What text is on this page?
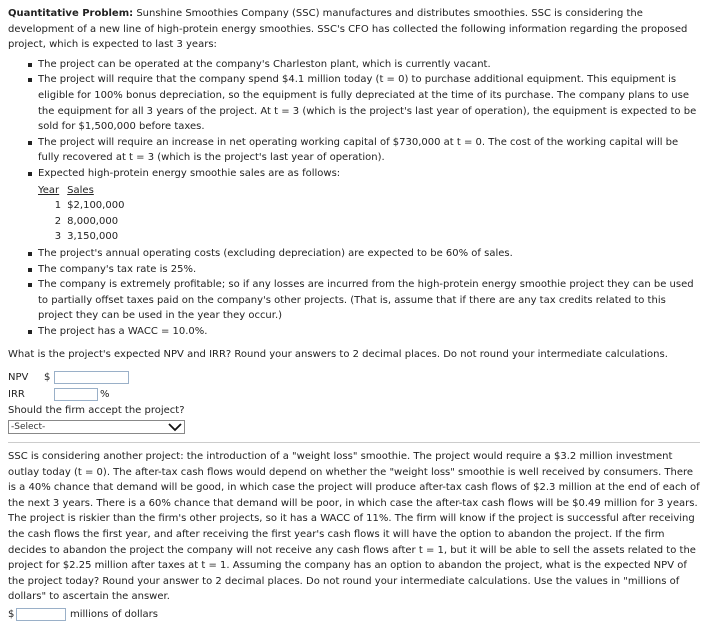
Quantitative Problem: Sunshine Smoothies Company (SSC) manufactures and distributes smoothies. SSC is considering the development of a new line of high-protein energy smoothies. SSC's CFO has collected the following information regarding the proposed project, which is expected to last 3 years:

The project can be operated at the company's Charleston plant, which is currently vacant.
The project will require that the company spend $4.1 million today (t = 0) to purchase additional equipment. This equipment is eligible for 100% bonus depreciation, so the equipment is fully depreciated at the time of its purchase. The company plans to use the equipment for all 3 years of the project. At t = 3 (which is the project's last year of operation), the equipment is expected to be sold for $1,500,000 before taxes.
The project will require an increase in net operating working capital of $730,000 at t = 0. The cost of the working capital will be fully recovered at t = 3 (which is the project's last year of operation).
Expected high-protein energy smoothie sales are as follows:
Year	Sales
1	$2,100,000
2	8,000,000
3	3,150,000
The project's annual operating costs (excluding depreciation) are expected to be 60% of sales.
The company's tax rate is 25%.
The company is extremely profitable; so if any losses are incurred from the high-protein energy smoothie project they can be used to partially offset taxes paid on the company's other projects. (That is, assume that if there are any tax credits related to this project they can be used in the year they occur.)
The project has a WACC = 10.0%.

What is the project's expected NPV and IRR? Round your answers to 2 decimal places. Do not round your intermediate calculations.

NPV	$
IRR	%

Should the firm accept the project?

-Select-

SSC is considering another project: the introduction of a "weight loss" smoothie. The project would require a $3.2 million investment outlay today (t = 0). The after-tax cash flows would depend on whether the "weight loss" smoothie is well received by consumers. There is a 40% chance that demand will be good, in which case the project will produce after-tax cash flows of $2.3 million at the end of each of the next 3 years. There is a 60% chance that demand will be poor, in which case the after-tax cash flows will be $0.49 million for 3 years. The project is riskier than the firm's other projects, so it has a WACC of 11%. The firm will know if the project is successful after receiving the cash flows the first year, and after receiving the first year's cash flows it will have the option to abandon the project. If the firm decides to abandon the project the company will not receive any cash flows after t = 1, but it will be able to sell the assets related to the project for $2.25 million after taxes at t = 1. Assuming the company has an option to abandon the project, what is the expected NPV of the project today? Round your answer to 2 decimal places. Do not round your intermediate calculations. Use the values in "millions of dollars" to ascertain the answer.

$	millions of dollars
